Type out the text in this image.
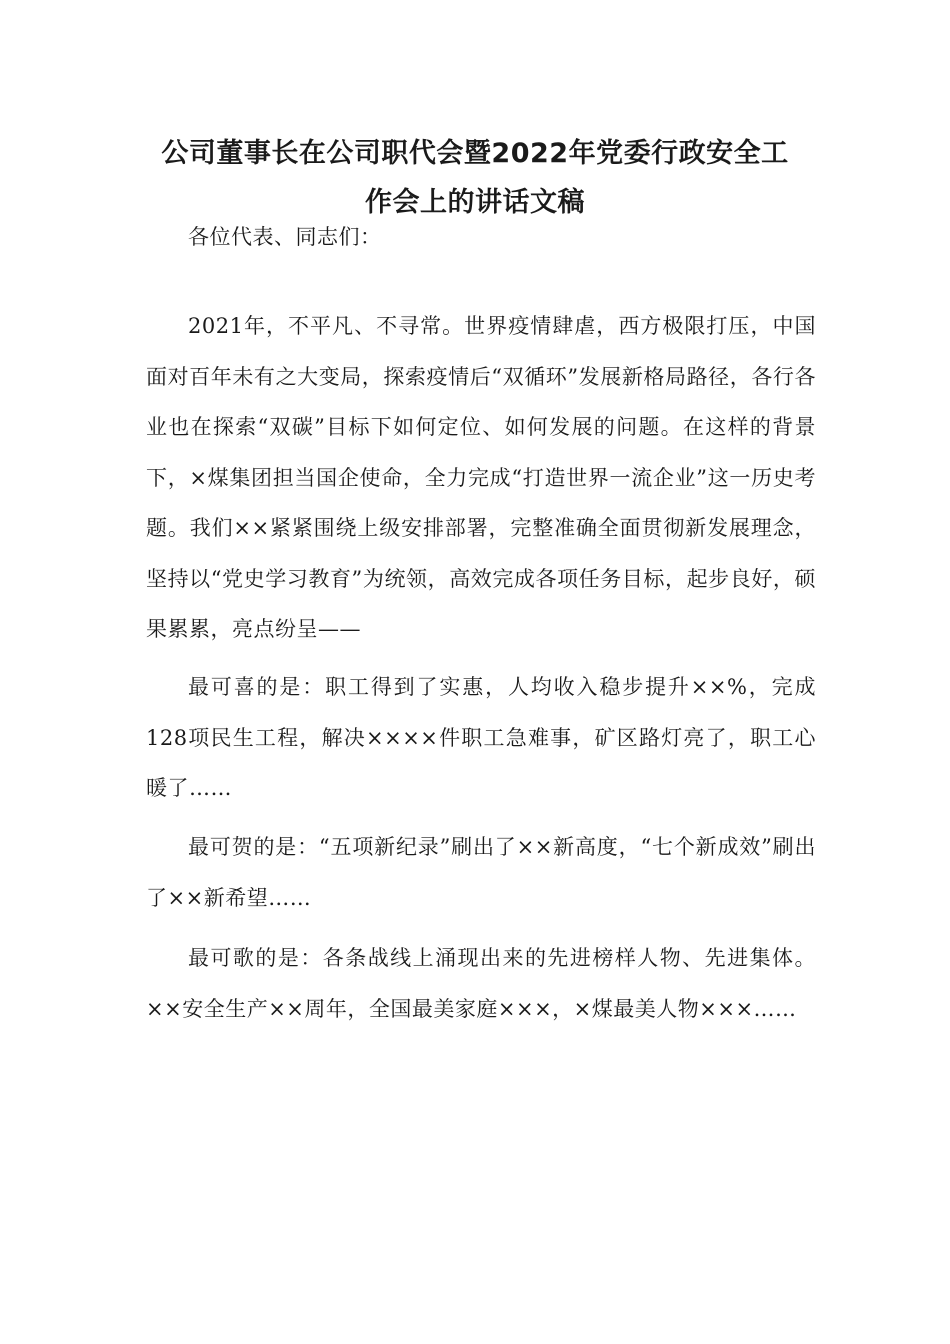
公司董事长在公司职代会暨2022年党委行政安全工
作会上的讲话文稿

各位代表、同志们：

2021年，不平凡、不寻常。世界疫情肆虐，西方极限打压，中国面对百年未有之大变局，探索疫情后“双循环”发展新格局路径，各行各业也在探索“双碳”目标下如何定位、如何发展的问题。在这样的背景下，×煤集团担当国企使命，全力完成“打造世界一流企业”这一历史考题。我们××紧紧围绕上级安排部署，完整准确全面贯彻新发展理念，坚持以“党史学习教育”为统领，高效完成各项任务目标，起步良好，硕果累累，亮点纷呈——

最可喜的是：职工得到了实惠，人均收入稳步提升××%，完成128项民生工程，解决××××件职工急难事，矿区路灯亮了，职工心暖了……

最可贺的是：“五项新纪录”刷出了××新高度，“七个新成效”刷出了××新希望……

最可歌的是：各条战线上涌现出来的先进榜样人物、先进集体。××安全生产××周年，全国最美家庭×××，×煤最美人物×××……
